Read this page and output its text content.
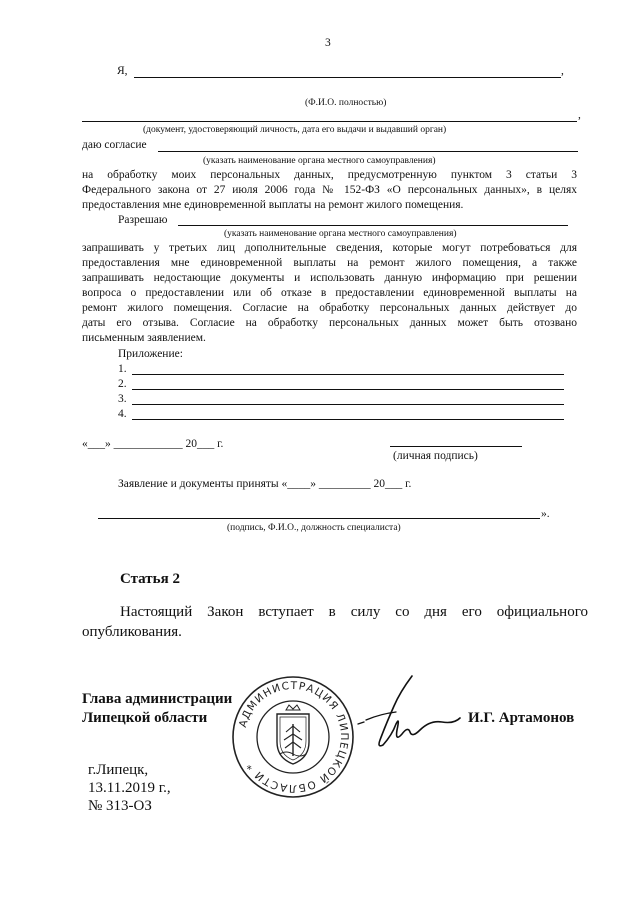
3
Я,	,
(Ф.И.О. полностью)
,
(документ, удостоверяющий личность, дата его выдачи и выдавший орган)
даю согласие
(указать наименование органа местного самоуправления)
на обработку моих персональных данных, предусмотренную пунктом 3 статьи 3
Федерального закона от 27 июля 2006 года № 152-ФЗ «О персональных данных», в целях
предоставления мне единовременной выплаты на ремонт жилого помещения.
Разрешаю
(указать наименование органа местного самоуправления)
запрашивать у третьих лиц дополнительные сведения, которые могут потребоваться для
предоставления мне единовременной выплаты на ремонт жилого помещения, а также
запрашивать недостающие документы и использовать данную информацию при решении
вопроса о предоставлении или об отказе в предоставлении единовременной выплаты на
ремонт жилого помещения. Согласие на обработку персональных данных действует до
даты его отзыва. Согласие на обработку персональных данных может быть отозвано
письменным заявлением.
Приложение:
1.
2.
3.
4.
«___» ____________ 20___ г.
(личная подпись)
Заявление и документы приняты «____» _________ 20___ г.
».
(подпись, Ф.И.О., должность специалиста)
Статья 2
Настоящий Закон вступает в силу со дня его официального
опубликования.
Глава администрации
Липецкой области	И.Г. Артамонов
АДМИНИСТРАЦИЯ ЛИПЕЦКОЙ ОБЛАСТИ *
г.Липецк,
13.11.2019 г.,
№ 313-ОЗ
